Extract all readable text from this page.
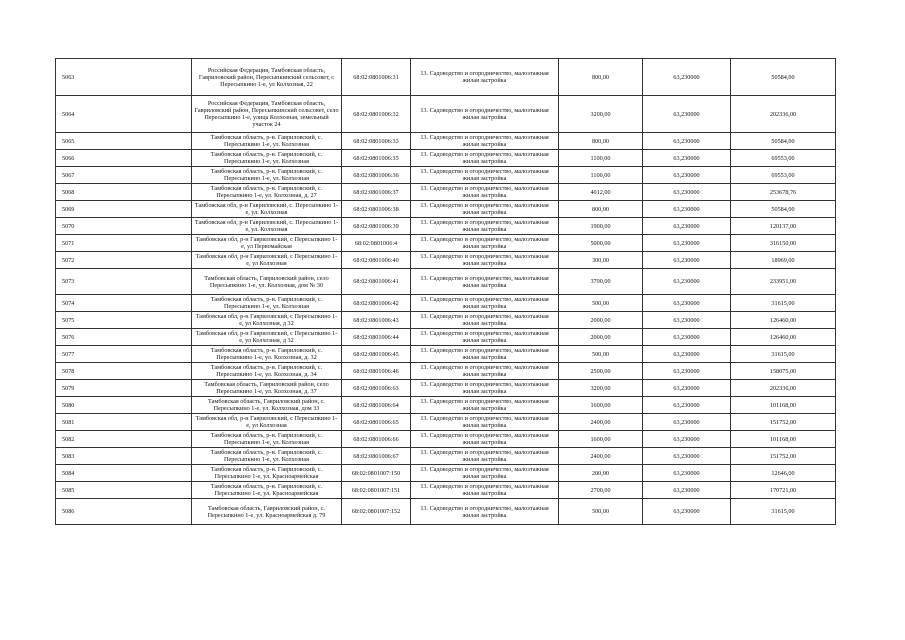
5063	Российская Федерация, Тамбовская область, Гавриловский район, Пересыпкинский сельсовет, с Пересыпкино 1-е, ул Колхозная, 22	68:02:0801006:31	13. Садоводство и огородничество, малоэтажная жилая застройка	800,00	63,230000	50584,00
5064	Российская Федерация, Тамбовская область, Гавриловский район, Пересыпкинский сельсовет, село Пересыпкино 1-е, улица Колхозная, земельный участок 24	68:02:0801006:32	13. Садоводство и огородничество, малоэтажная жилая застройка	3200,00	63,230000	202336,00
5065	Тамбовская область, р-н. Гавриловский, с. Пересыпкино 1-е, ул. Колхозная	68:02:0801006:33	13. Садоводство и огородничество, малоэтажная жилая застройка	800,00	63,230000	50584,00
5066	Тамбовская область, р-н. Гавриловский, с. Пересыпкино 1-е, ул. Колхозная	68:02:0801006:35	13. Садоводство и огородничество, малоэтажная жилая застройка	1100,00	63,230000	69553,00
5067	Тамбовская область, р-н. Гавриловский, с. Пересыпкино 1-е, ул. Колхозная	68:02:0801006:36	13. Садоводство и огородничество, малоэтажная жилая застройка	1100,00	63,230000	69553,00
5068	Тамбовская область, р-н. Гавриловский, с. Пересыпкино 1-е, ул. Колхозная, д. 27	68:02:0801006:37	13. Садоводство и огородничество, малоэтажная жилая застройка	4012,00	63,230000	253678,76
5069	Тамбовская обл, р-н Гавриловский, с. Пересыпкино 1-е, ул. Колхозная	68:02:0801006:38	13. Садоводство и огородничество, малоэтажная жилая застройка	800,00	63,230000	50584,00
5070	Тамбовская обл, р-н Гавриловский, с. Пересыпкино 1-е, ул. Колхозная	68:02:0801006:39	13. Садоводство и огородничество, малоэтажная жилая застройка	1900,00	63,230000	120137,00
5071	Тамбовская обл, р-н Гавриловский, с Пересыпкино 1-е, ул Первомайская	68:02:0801006:4	13. Садоводство и огородничество, малоэтажная жилая застройка	5000,00	63,230000	316150,00
5072	Тамбовская обл, р-н Гавриловский, с Пересыпкино 1-е, ул Колхозная	68:02:0801006:40	13. Садоводство и огородничество, малоэтажная жилая застройка	300,00	63,230000	18969,00
5073	Тамбовская область, Гавриловский район, село Пересыпкино 1-е, ул. Колхозная, дом № 30	68:02:0801006:41	13. Садоводство и огородничество, малоэтажная жилая застройка	3700,00	63,230000	233951,00
5074	Тамбовская область, р-н. Гавриловский, с. Пересыпкино 1-е, ул. Колхозная	68:02:0801006:42	13. Садоводство и огородничество, малоэтажная жилая застройка	500,00	63,230000	31615,00
5075	Тамбовская обл, р-н Гавриловский, с Пересыпкино 1-е, ул Колхозная, д 32	68:02:0801006:43	13. Садоводство и огородничество, малоэтажная жилая застройка	2000,00	63,230000	126460,00
5076	Тамбовская обл, р-н Гавриловский, с Пересыпкино 1-е, ул Колхозная, д 32	68:02:0801006:44	13. Садоводство и огородничество, малоэтажная жилая застройка	2000,00	63,230000	126460,00
5077	Тамбовская область, р-н. Гавриловский, с. Пересыпкино 1-е, ул. Колхозная, д. 32	68:02:0801006:45	13. Садоводство и огородничество, малоэтажная жилая застройка	500,00	63,230000	31615,00
5078	Тамбовская область, р-н. Гавриловский, с. Пересыпкино 1-е, ул. Колхозная, д. 34	68:02:0801006:46	13. Садоводство и огородничество, малоэтажная жилая застройка	2500,00	63,230000	158075,00
5079	Тамбовская область, Гавриловский район, село Пересыпкино 1-е, ул. Колхозная, д. 37	68:02:0801006:63	13. Садоводство и огородничество, малоэтажная жилая застройка	3200,00	63,230000	202336,00
5080	Тамбовская область, Гавриловский район, с. Пересыпкино 1-е, ул. Колхозная, дом 33	68:02:0801006:64	13. Садоводство и огородничество, малоэтажная жилая застройка	1600,00	63,230000	101168,00
5081	Тамбовская обл, р-н Гавриловский, с Пересыпкино 1-е, ул Колхозная	68:02:0801006:65	13. Садоводство и огородничество, малоэтажная жилая застройка	2400,00	63,230000	151752,00
5082	Тамбовская область, р-н. Гавриловский, с. Пересыпкино 1-е, ул. Колхозная	68:02:0801006:66	13. Садоводство и огородничество, малоэтажная жилая застройка	1600,00	63,230000	101168,00
5083	Тамбовская область, р-н. Гавриловский, с. Пересыпкино 1-е, ул. Колхозная	68:02:0801006:67	13. Садоводство и огородничество, малоэтажная жилая застройка	2400,00	63,230000	151752,00
5084	Тамбовская область, р-н. Гавриловский, с. Пересыпкино 1-е, ул. Красноармейская	68:02:0801007:150	13. Садоводство и огородничество, малоэтажная жилая застройка	200,00	63,230000	12646,00
5085	Тамбовская область, р-н. Гавриловский, с. Пересыпкино 1-е, ул. Красноармейская	68:02:0801007:151	13. Садоводство и огородничество, малоэтажная жилая застройка	2700,00	63,230000	170721,00
5086	Тамбовская область, Гавриловский район, с. Пересыпкино 1-е, ул. Красноармейская д. 79	68:02:0801007:152	13. Садоводство и огородничество, малоэтажная жилая застройка	500,00	63,230000	31615,00
